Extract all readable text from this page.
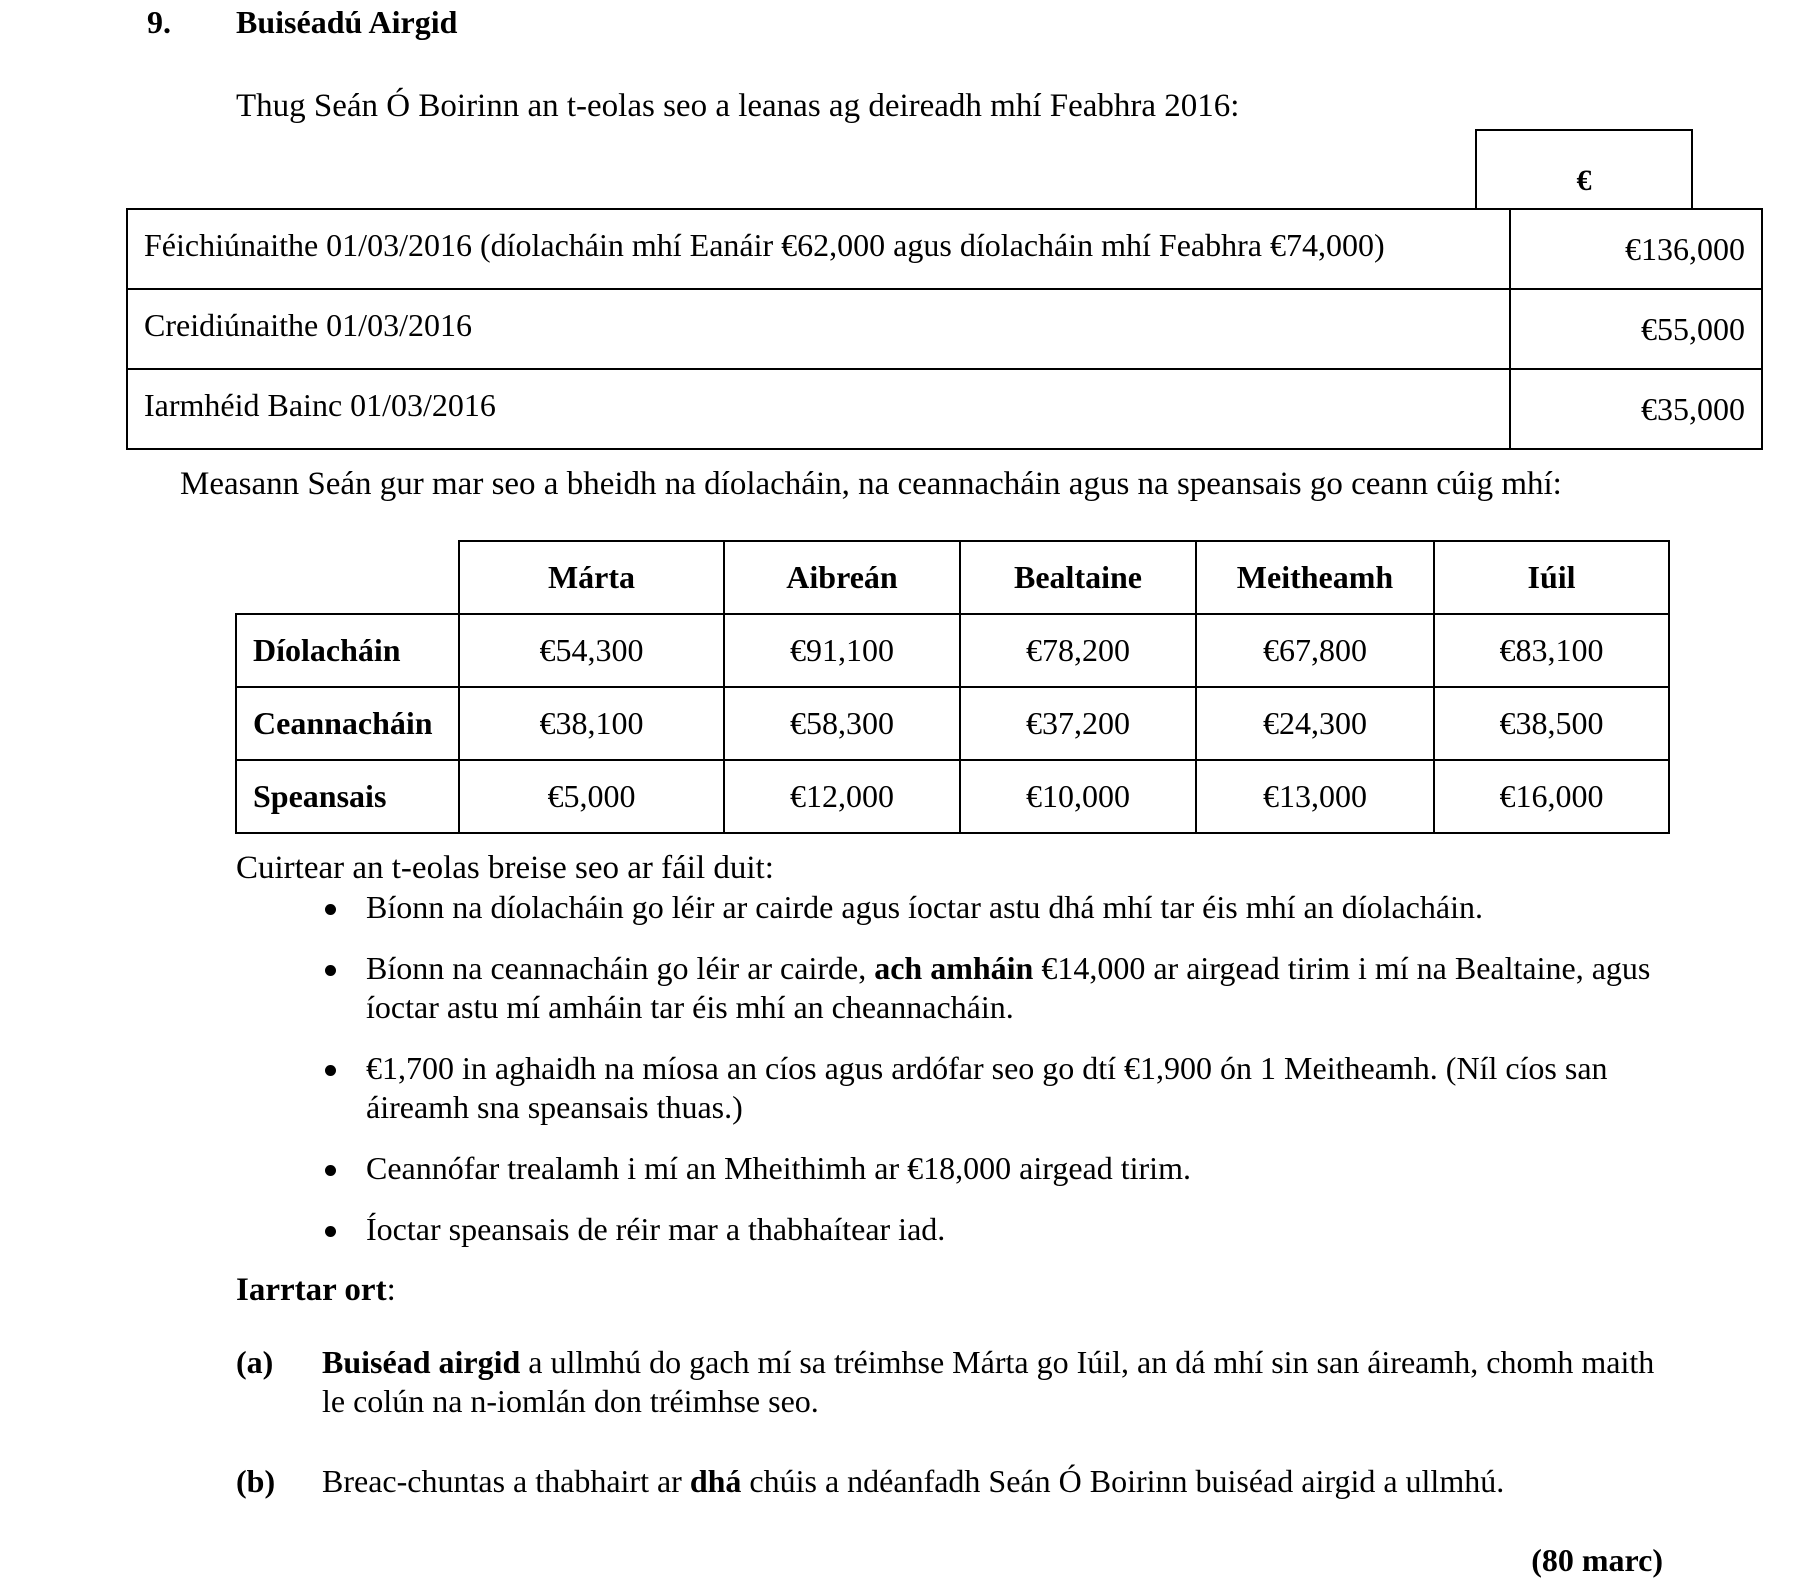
9. Buiséadú Airgid
Thug Seán Ó Boirinn an t-eolas seo a leanas ag deireadh mhí Feabhra 2016:
€
Féichiúnaithe 01/03/2016 (díolacháin mhí Eanáir €62,000 agus díolacháin mhí Feabhra €74,000)	€136,000
Creidiúnaithe 01/03/2016	€55,000
Iarmhéid Bainc 01/03/2016	€35,000
Measann Seán gur mar seo a bheidh na díolacháin, na ceannacháin agus na speansais go ceann cúig mhí:
	Márta	Aibreán	Bealtaine	Meitheamh	Iúil
Díolacháin	€54,300	€91,100	€78,200	€67,800	€83,100
Ceannacháin	€38,100	€58,300	€37,200	€24,300	€38,500
Speansais	€5,000	€12,000	€10,000	€13,000	€16,000
Cuirtear an t-eolas breise seo ar fáil duit:
Bíonn na díolacháin go léir ar cairde agus íoctar astu dhá mhí tar éis mhí an díolacháin.
Bíonn na ceannacháin go léir ar cairde, ach amháin €14,000 ar airgead tirim i mí na Bealtaine, agus íoctar astu mí amháin tar éis mhí an cheannacháin.
€1,700 in aghaidh na míosa an cíos agus ardófar seo go dtí €1,900 ón 1 Meitheamh. (Níl cíos san áireamh sna speansais thuas.)
Ceannófar trealamh i mí an Mheithimh ar €18,000 airgead tirim.
Íoctar speansais de réir mar a thabhaítear iad.
Iarrtar ort:
(a) Buiséad airgid a ullmhú do gach mí sa tréimhse Márta go Iúil, an dá mhí sin san áireamh, chomh maith le colún na n-iomlán don tréimhse seo.
(b) Breac-chuntas a thabhairt ar dhá chúis a ndéanfadh Seán Ó Boirinn buiséad airgid a ullmhú.
(80 marc)
